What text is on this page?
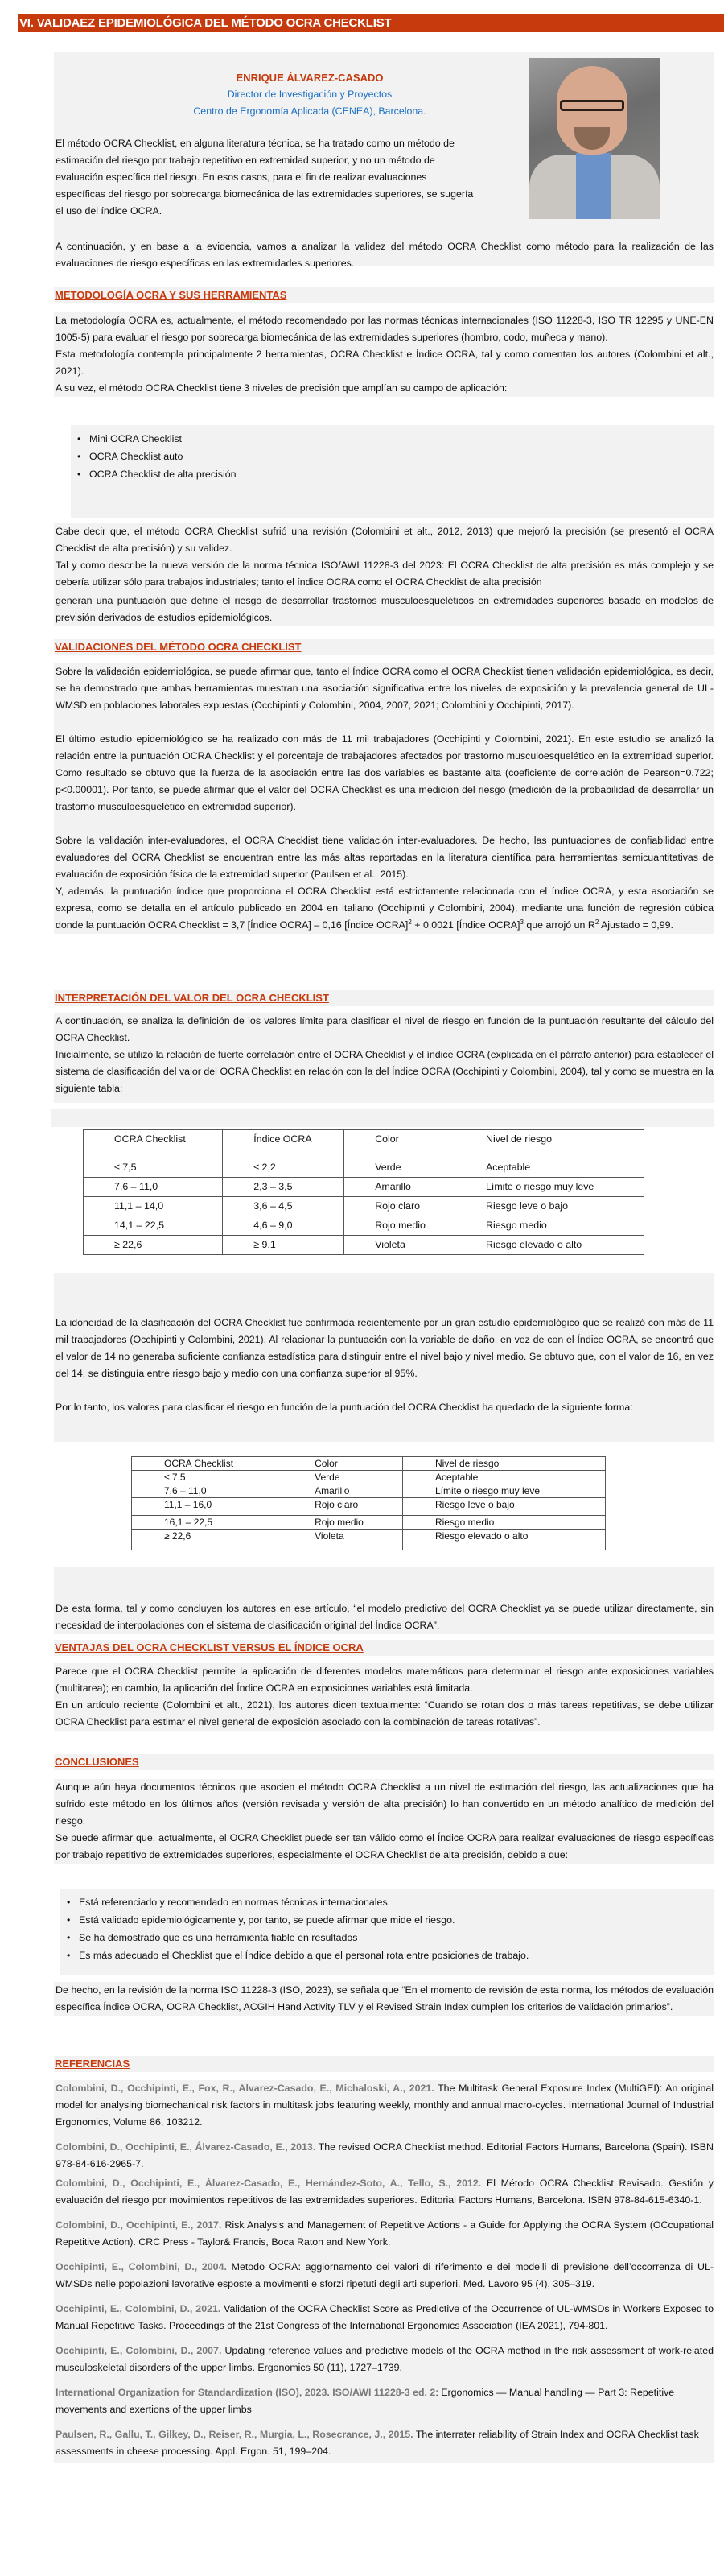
VI. VALIDAEZ EPIDEMIOLÓGICA DEL MÉTODO OCRA CHECKLIST
ENRIQUE ÁLVAREZ-CASADO
Director de Investigación y Proyectos
Centro de Ergonomía Aplicada (CENEA), Barcelona.
El método OCRA Checklist, en alguna literatura técnica, se ha tratado como un método de estimación del riesgo por trabajo repetitivo en extremidad superior, y no un método de evaluación específica del riesgo. En esos casos, para el fin de realizar evaluaciones específicas del riesgo por sobrecarga biomecánica de las extremidades superiores, se sugería el uso del índice OCRA.
A continuación, y en base a la evidencia, vamos a analizar la validez del método OCRA Checklist como método para la realización de las evaluaciones de riesgo específicas en las extremidades superiores.
METODOLOGÍA OCRA Y SUS HERRAMIENTAS

La metodología OCRA es, actualmente, el método recomendado por las normas técnicas internacionales (ISO 11228-3, ISO TR 12295 y UNE-EN 1005-5) para evaluar el riesgo por sobrecarga biomecánica de las extremidades superiores (hombro, codo, muñeca y mano).

Esta metodología contempla principalmente 2 herramientas, OCRA Checklist e Índice OCRA, tal y como comentan los autores (Colombini et alt., 2021).

A su vez, el método OCRA Checklist tiene 3 niveles de precisión que amplían su campo de aplicación:

• Mini OCRA Checklist
• OCRA Checklist auto
• OCRA Checklist de alta precisión

Cabe decir que, el método OCRA Checklist sufrió una revisión (Colombini et alt., 2012, 2013) que mejoró la precisión (se presentó el OCRA Checklist de alta precisión) y su validez.

Tal y como describe la nueva versión de la norma técnica ISO/AWI 11228-3 del 2023: El OCRA Checklist de alta precisión es más complejo y se debería utilizar sólo para trabajos industriales; tanto el índice OCRA como el OCRA Checklist de alta precisión

generan una puntuación que define el riesgo de desarrollar trastornos musculoesqueléticos en extremidades superiores basado en modelos de previsión derivados de estudios epidemiológicos.

VALIDACIONES DEL MÉTODO OCRA CHECKLIST

Sobre la validación epidemiológica, se puede afirmar que, tanto el Índice OCRA como el OCRA Checklist tienen validación epidemiológica, es decir, se ha demostrado que ambas herramientas muestran una asociación significativa entre los niveles de exposición y la prevalencia general de UL-WMSD en poblaciones laborales expuestas (Occhipinti y Colombini, 2004, 2007, 2021; Colombini y Occhipinti, 2017).

El último estudio epidemiológico se ha realizado con más de 11 mil trabajadores (Occhipinti y Colombini, 2021). En este estudio se analizó la relación entre la puntuación OCRA Checklist y el porcentaje de trabajadores afectados por trastorno musculoesquelético en la extremidad superior. Como resultado se obtuvo que la fuerza de la asociación entre las dos variables es bastante alta (coeficiente de correlación de Pearson=0.722; p<0.00001). Por tanto, se puede afirmar que el valor del OCRA Checklist es una medición del riesgo (medición de la probabilidad de desarrollar un trastorno musculoesquelético en extremidad superior).

Sobre la validación inter-evaluadores, el OCRA Checklist tiene validación inter-evaluadores. De hecho, las puntuaciones de confiabilidad entre evaluadores del OCRA Checklist se encuentran entre las más altas reportadas en la literatura científica para herramientas semicuantitativas de evaluación de exposición física de la extremidad superior (Paulsen et al., 2015).

Y, además, la puntuación índice que proporciona el OCRA Checklist está estrictamente relacionada con el índice OCRA, y esta asociación se expresa, como se detalla en el artículo publicado en 2004 en italiano (Occhipinti y Colombini, 2004), mediante una función de regresión cúbica donde la puntuación OCRA Checklist = 3,7 [Índice OCRA] – 0,16 [Índice OCRA]$^2$ + 0,0021 [Índice OCRA]$^3$ que arrojó un $R^2$ Ajustado = 0,99.

INTERPRETACIÓN DEL VALOR DEL OCRA CHECKLIST

A continuación, se analiza la definición de los valores límite para clasificar el nivel de riesgo en función de la puntuación resultante del cálculo del OCRA Checklist.

Inicialmente, se utilizó la relación de fuerte correlación entre el OCRA Checklist y el índice OCRA (explicada en el párrafo anterior) para establecer el sistema de clasificación del valor del OCRA Checklist en relación con la del Índice OCRA (Occhipinti y Colombini, 2004), tal y como se muestra en la siguiente tabla:

OCRA Checklist	Índice OCRA	Color	Nivel de riesgo
≤ 7,5	≤ 2,2	Verde	Aceptable
7,6 – 11,0	2,3 – 3,5	Amarillo	Límite o riesgo muy leve
11,1 – 14,0	3,6 – 4,5	Rojo claro	Riesgo leve o bajo
14,1 – 22,5	4,6 – 9,0	Rojo medio	Riesgo medio
≥ 22,6	≥ 9,1	Violeta	Riesgo elevado o alto

La idoneidad de la clasificación del OCRA Checklist fue confirmada recientemente por un gran estudio epidemiológico que se realizó con más de 11 mil trabajadores (Occhipinti y Colombini, 2021). Al relacionar la puntuación con la variable de daño, en vez de con el Índice OCRA, se encontró que el valor de 14 no generaba suficiente confianza estadística para distinguir entre el nivel bajo y nivel medio. Se obtuvo que, con el valor de 16, en vez del 14, se distinguía entre riesgo bajo y medio con una confianza superior al 95%.

Por lo tanto, los valores para clasificar el riesgo en función de la puntuación del OCRA Checklist ha quedado de la siguiente forma:

OCRA Checklist	Color	Nivel de riesgo
≤ 7,5	Verde	Aceptable
7,6 – 11,0	Amarillo	Límite o riesgo muy leve
11,1 – 16,0	Rojo claro	Riesgo leve o bajo
16,1 – 22,5	Rojo medio	Riesgo medio
≥ 22,6	Violeta	Riesgo elevado o alto
De esta forma, tal y como concluyen los autores en ese artículo, “el modelo predictivo del OCRA Checklist ya se puede utilizar directamente, sin necesidad de interpolaciones con el sistema de clasificación original del Índice OCRA”.
VENTAJAS DEL OCRA CHECKLIST VERSUS EL ÍNDICE OCRA

Parece que el OCRA Checklist permite la aplicación de diferentes modelos matemáticos para determinar el riesgo ante exposiciones variables (multitarea); en cambio, la aplicación del Índice OCRA en exposiciones variables está limitada.

En un artículo reciente (Colombini et alt., 2021), los autores dicen textualmente: “Cuando se rotan dos o más tareas repetitivas, se debe utilizar OCRA Checklist para estimar el nivel general de exposición asociado con la combinación de tareas rotativas”.

CONCLUSIONES

Aunque aún haya documentos técnicos que asocien el método OCRA Checklist a un nivel de estimación del riesgo, las actualizaciones que ha sufrido este método en los últimos años (versión revisada y versión de alta precisión) lo han convertido en un método analítico de medición del riesgo.

Se puede afirmar que, actualmente, el OCRA Checklist puede ser tan válido como el Índice OCRA para realizar evaluaciones de riesgo específicas por trabajo repetitivo de extremidades superiores, especialmente el OCRA Checklist de alta precisión, debido a que:

• Está referenciado y recomendado en normas técnicas internacionales.
• Está validado epidemiológicamente y, por tanto, se puede afirmar que mide el riesgo.
• Se ha demostrado que es una herramienta fiable en resultados
• Es más adecuado el Checklist que el Índice debido a que el personal rota entre posiciones de trabajo.
De hecho, en la revisión de la norma ISO 11228-3 (ISO, 2023), se señala que “En el momento de revisión de esta norma, los métodos de evaluación específica Índice OCRA, OCRA Checklist, ACGIH Hand Activity TLV y el Revised Strain Index cumplen los criterios de validación primarios”.
REFERENCIAS

Colombini, D., Occhipinti, E., Fox, R., Alvarez-Casado, E., Michaloski, A., 2021. The Multitask General Exposure Index (MultiGEI): An original model for analysing biomechanical risk factors in multitask jobs featuring weekly, monthly and annual macro-cycles. International Journal of Industrial Ergonomics, Volume 86, 103212.

Colombini, D., Occhipinti, E., Álvarez-Casado, E., 2013. The revised OCRA Checklist method. Editorial Factors Humans, Barcelona (Spain). ISBN 978-84-616-2965-7.

Colombini, D., Occhipinti, E., Álvarez-Casado, E., Hernández-Soto, A., Tello, S., 2012. El Método OCRA Checklist Revisado. Gestión y evaluación del riesgo por movimientos repetitivos de las extremidades superiores. Editorial Factors Humans, Barcelona. ISBN 978-84-615-6340-1.

Colombini, D., Occhipinti, E., 2017. Risk Analysis and Management of Repetitive Actions - a Guide for Applying the OCRA System (OCcupational Repetitive Action). CRC Press - Taylor& Francis, Boca Raton and New York.

Occhipinti, E., Colombini, D., 2004. Metodo OCRA: aggiornamento dei valori di riferimento e dei modelli di previsione dell’occorrenza di UL-WMSDs nelle popolazioni lavorative esposte a movimenti e sforzi ripetuti degli arti superiori. Med. Lavoro 95 (4), 305–319.

Occhipinti, E., Colombini, D., 2021. Validation of the OCRA Checklist Score as Predictive of the Occurrence of UL-WMSDs in Workers Exposed to Manual Repetitive Tasks. Proceedings of the 21st Congress of the International Ergonomics Association (IEA 2021), 794-801.

Occhipinti, E., Colombini, D., 2007. Updating reference values and predictive models of the OCRA method in the risk assessment of work-related musculoskeletal disorders of the upper limbs. Ergonomics 50 (11), 1727–1739.

International Organization for Standardization (ISO), 2023. ISO/AWI 11228-3 ed. 2: Ergonomics — Manual handling — Part 3: Repetitive movements and exertions of the upper limbs

Paulsen, R., Gallu, T., Gilkey, D., Reiser, R., Murgia, L., Rosecrance, J., 2015. The interrater reliability of Strain Index and OCRA Checklist task assessments in cheese processing. Appl. Ergon. 51, 199–204.
